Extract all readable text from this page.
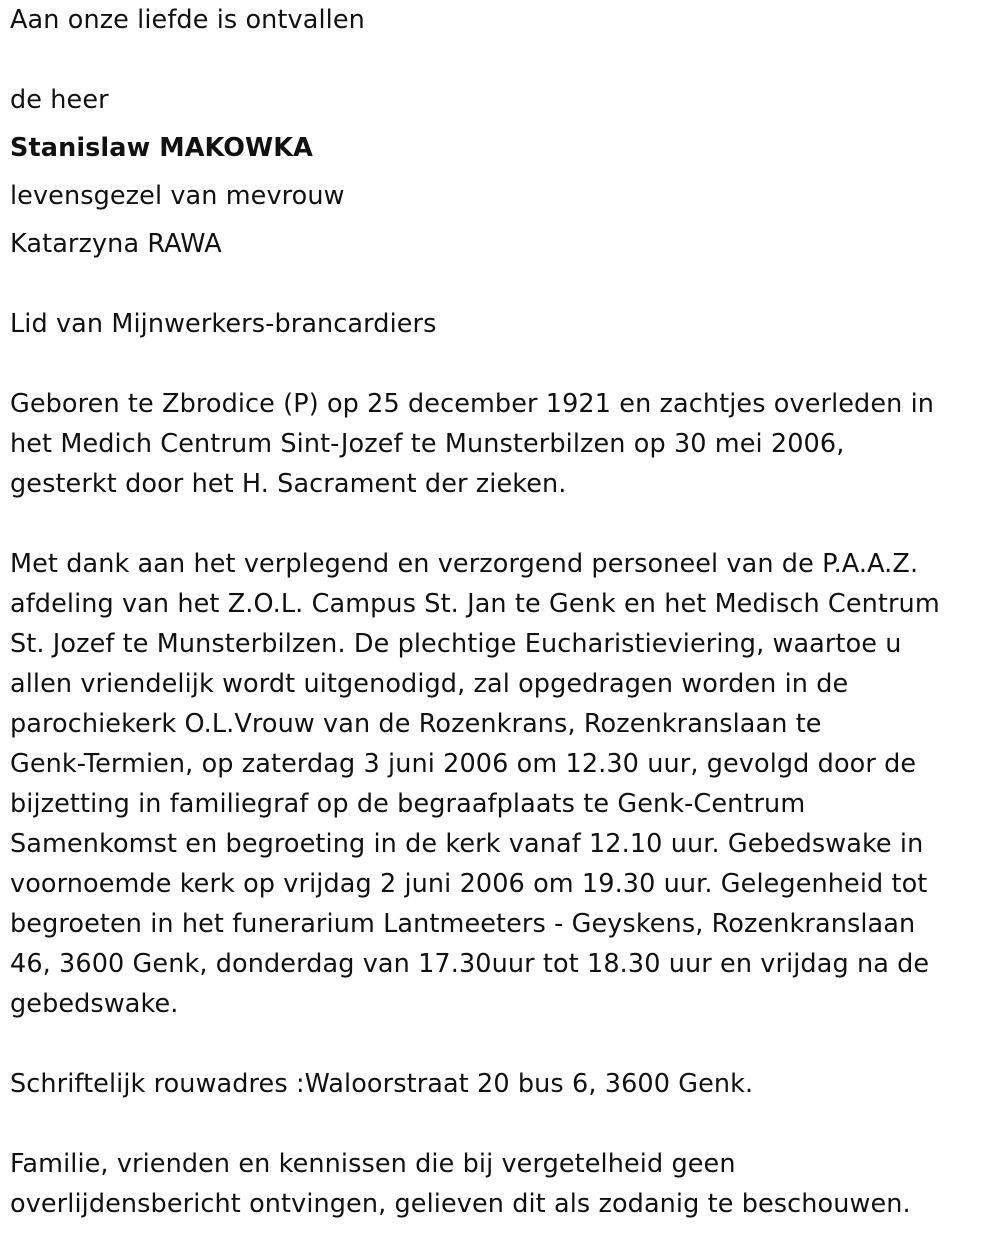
Aan onze liefde is ontvallen
de heer
Stanislaw MAKOWKA
levensgezel van mevrouw
Katarzyna RAWA
Lid van Mijnwerkers-brancardiers
Geboren te Zbrodice (P) op 25 december 1921 en zachtjes overleden in
het Medich Centrum Sint-Jozef te Munsterbilzen op 30 mei 2006,
gesterkt door het H. Sacrament der zieken.
Met dank aan het verplegend en verzorgend personeel van de P.A.A.Z.
afdeling van het Z.O.L. Campus St. Jan te Genk en het Medisch Centrum
St. Jozef te Munsterbilzen. De plechtige Eucharistieviering, waartoe u
allen vriendelijk wordt uitgenodigd, zal opgedragen worden in de
parochiekerk O.L.Vrouw van de Rozenkrans, Rozenkranslaan te
Genk-Termien, op zaterdag 3 juni 2006 om 12.30 uur, gevolgd door de
bijzetting in familiegraf op de begraafplaats te Genk-Centrum
Samenkomst en begroeting in de kerk vanaf 12.10 uur. Gebedswake in
voornoemde kerk op vrijdag 2 juni 2006 om 19.30 uur. Gelegenheid tot
begroeten in het funerarium Lantmeeters - Geyskens, Rozenkranslaan
46, 3600 Genk, donderdag van 17.30uur tot 18.30 uur en vrijdag na de
gebedswake.
Schriftelijk rouwadres :Waloorstraat 20 bus 6, 3600 Genk.
Familie, vrienden en kennissen die bij vergetelheid geen
overlijdensbericht ontvingen, gelieven dit als zodanig te beschouwen.
